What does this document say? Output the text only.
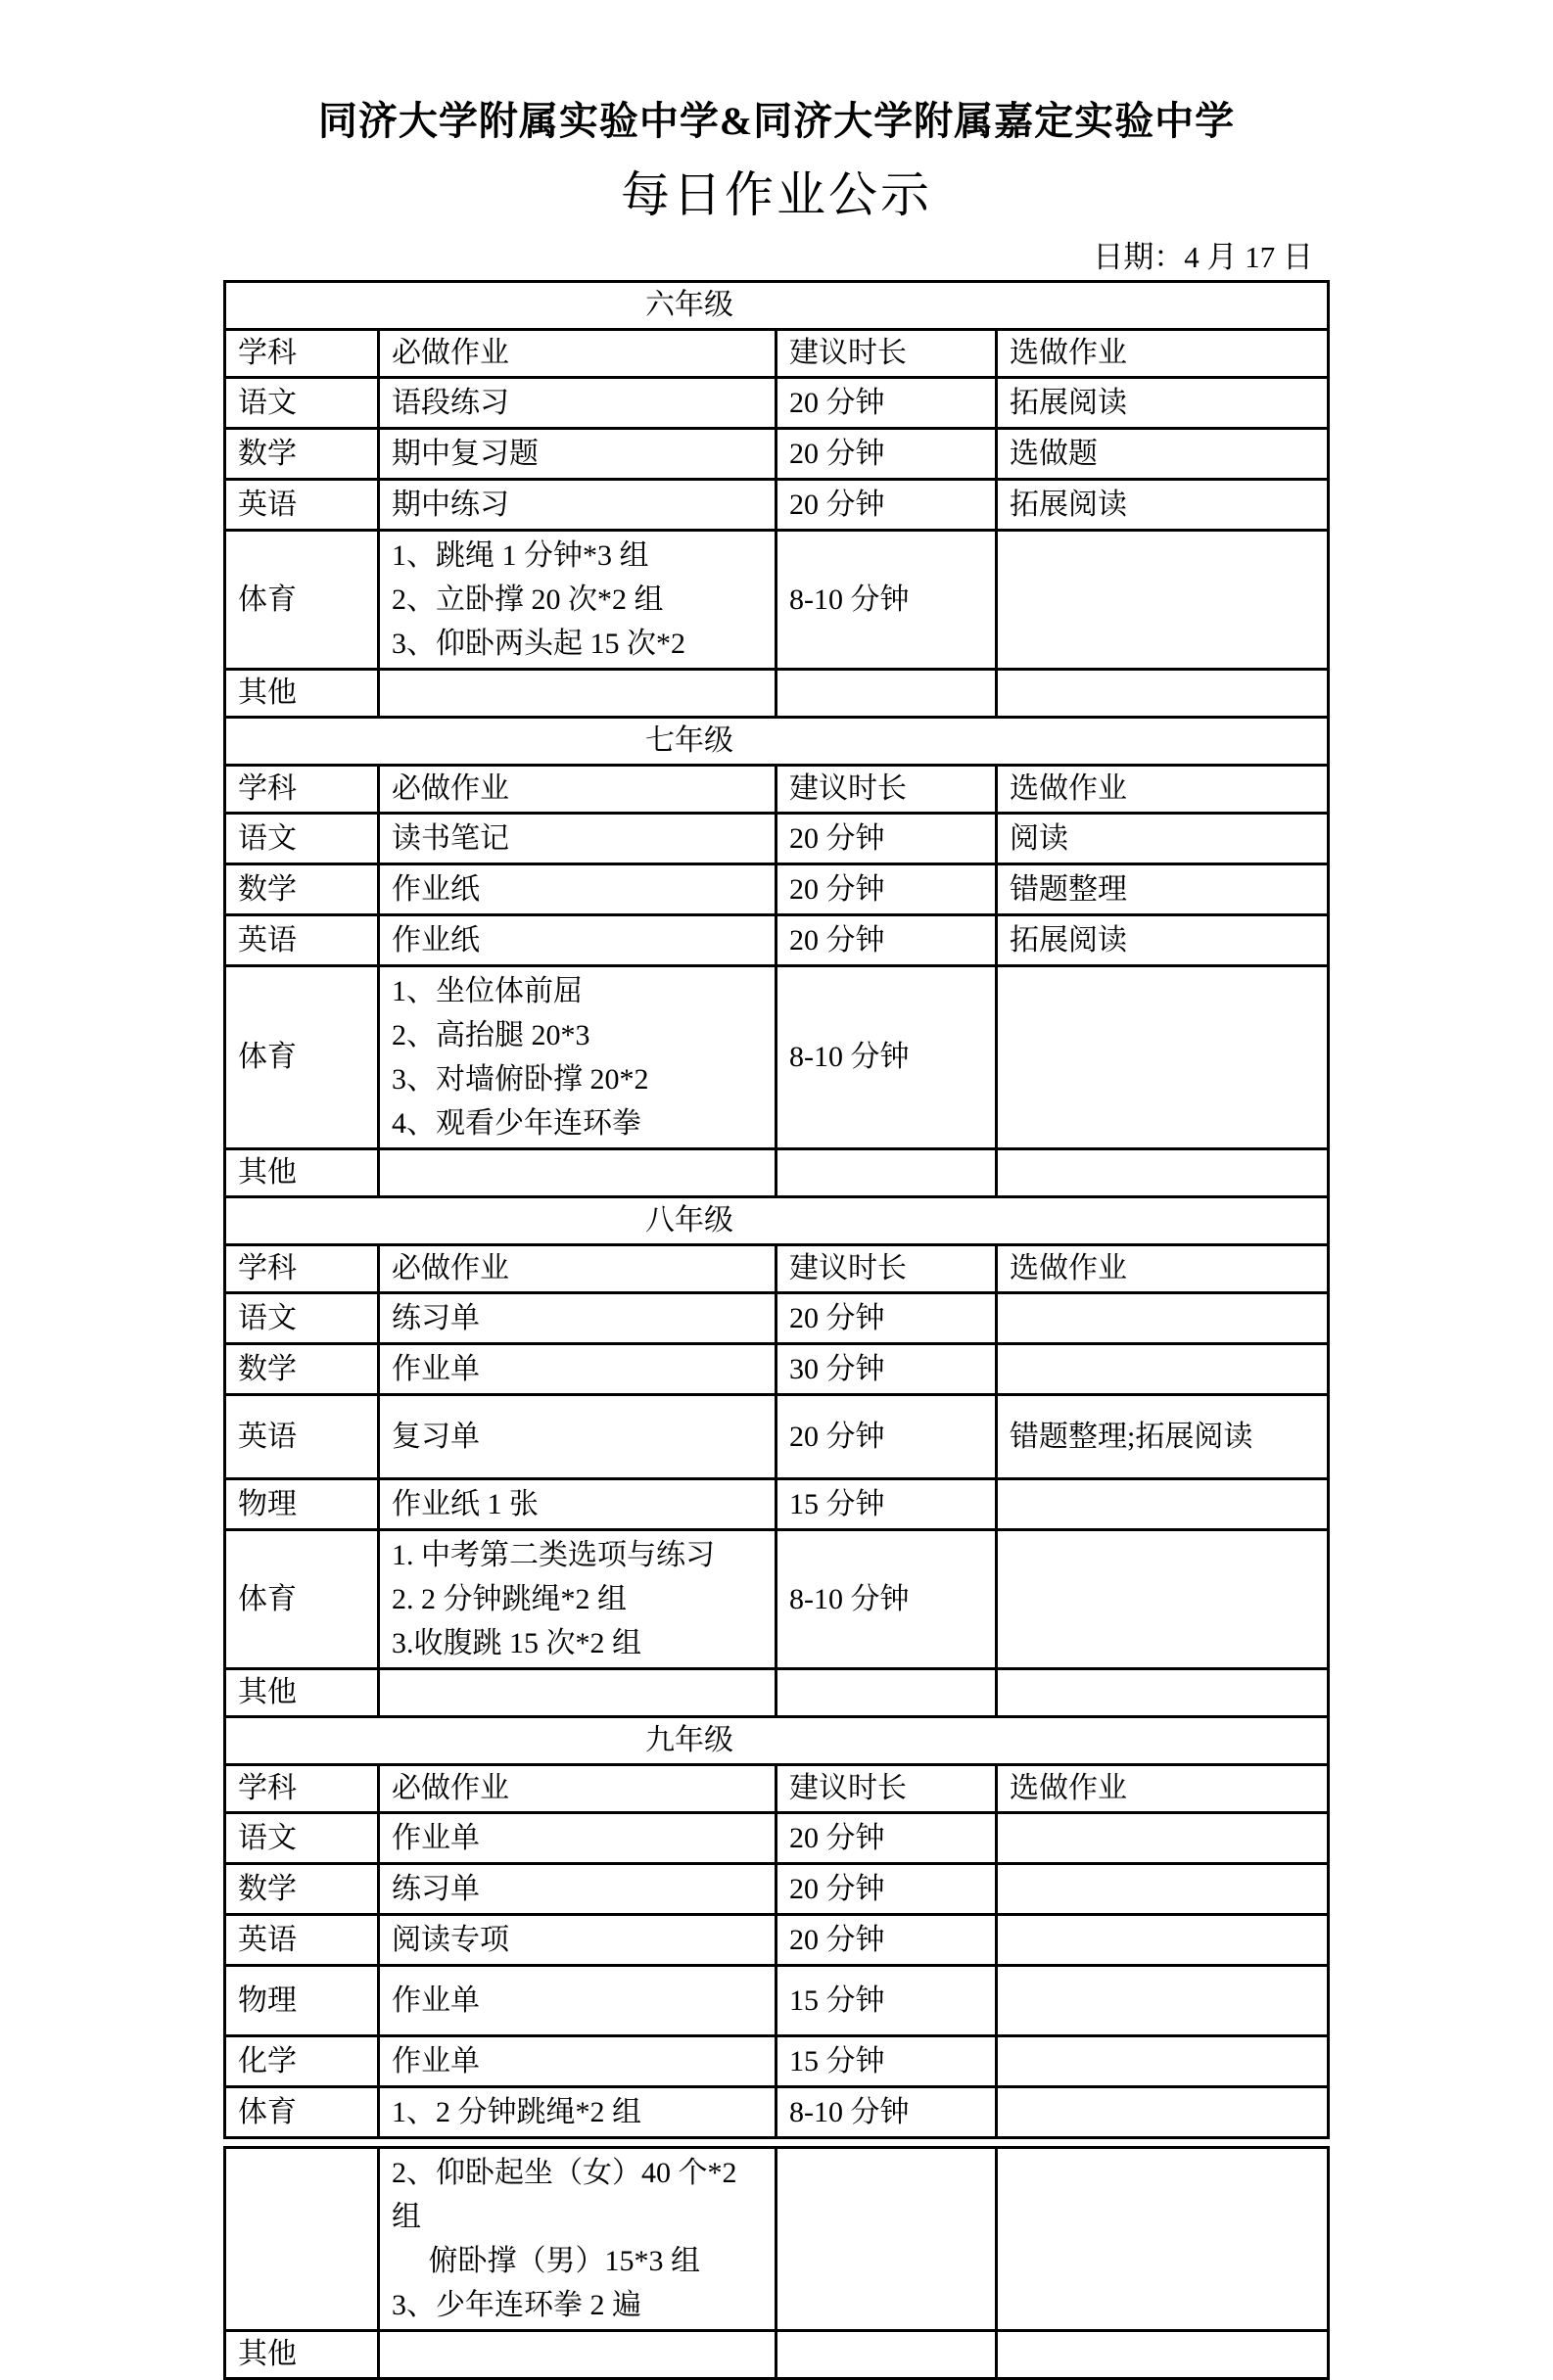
同济大学附属实验中学&同济大学附属嘉定实验中学
每日作业公示
日期：4 月 17 日
六年级			
学科	必做作业	建议时长	选做作业
语文	语段练习	20 分钟	拓展阅读
数学	期中复习题	20 分钟	选做题
英语	期中练习	20 分钟	拓展阅读
体育	1、跳绳 1 分钟*3 组
2、立卧撑 20 次*2 组
3、仰卧两头起 15 次*2	8-10 分钟	
其他			
七年级			
学科	必做作业	建议时长	选做作业
语文	读书笔记	20 分钟	阅读
数学	作业纸	20 分钟	错题整理
英语	作业纸	20 分钟	拓展阅读
体育	1、坐位体前屈
2、高抬腿 20*3
3、对墙俯卧撑 20*2
4、观看少年连环拳	8-10 分钟	
其他			
八年级			
学科	必做作业	建议时长	选做作业
语文	练习单	20 分钟	
数学	作业单	30 分钟	
英语	复习单	20 分钟	错题整理;拓展阅读
物理	作业纸 1 张	15 分钟	
体育	1. 中考第二类选项与练习
2. 2 分钟跳绳*2 组
3.收腹跳 15 次*2 组	8-10 分钟	
其他			
九年级			
学科	必做作业	建议时长	选做作业
语文	作业单	20 分钟	
数学	练习单	20 分钟	
英语	阅读专项	20 分钟	
物理	作业单	15 分钟	
化学	作业单	15 分钟	
体育	1、2 分钟跳绳*2 组	8-10 分钟	

	2、仰卧起坐（女）40 个*2
组
　 俯卧撑（男）15*3 组
3、少年连环拳 2 遍		

其他			
